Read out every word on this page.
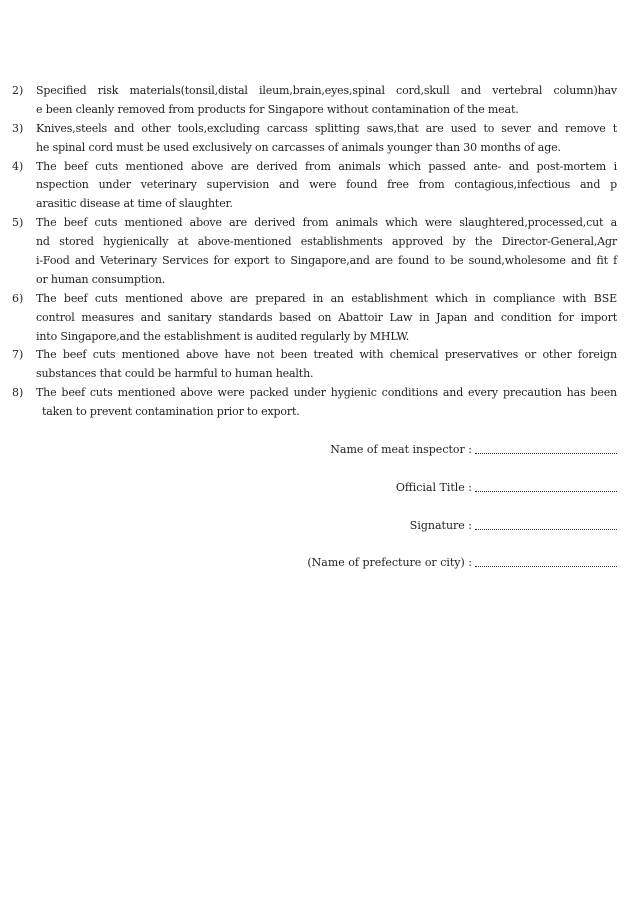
2) Specified risk materials(tonsil,distal ileum,brain,eyes,spinal cord,skull and vertebral column)hav
e been cleanly removed from products for Singapore without contamination of the meat.
3) Knives,steels and other tools,excluding carcass splitting saws,that are used to sever and remove t
he spinal cord must be used exclusively on carcasses of animals younger than 30 months of age.
4) The beef cuts mentioned above are derived from animals which passed ante- and post-mortem i
nspection under veterinary supervision and were found free from contagious,infectious and p
arasitic disease at time of slaughter.
5) The beef cuts mentioned above are derived from animals which were slaughtered,processed,cut a
nd stored hygienically at above-mentioned establishments approved by the Director-General,Agr
i-Food and Veterinary Services for export to Singapore,and are found to be sound,wholesome and fit f
or human consumption.
6) The beef cuts mentioned above are prepared in an establishment which in compliance with BSE
control measures and sanitary standards based on Abattoir Law in Japan and condition for import
into Singapore,and the establishment is audited regularly by MHLW.
7) The beef cuts mentioned above have not been treated with chemical preservatives or other foreign
substances that could be harmful to human health.
8) The beef cuts mentioned above were packed under hygienic conditions and every precaution has been
taken to prevent contamination prior to export.
Name of meat inspector :
Official Title :
Signature :
(Name of prefecture or city) :
